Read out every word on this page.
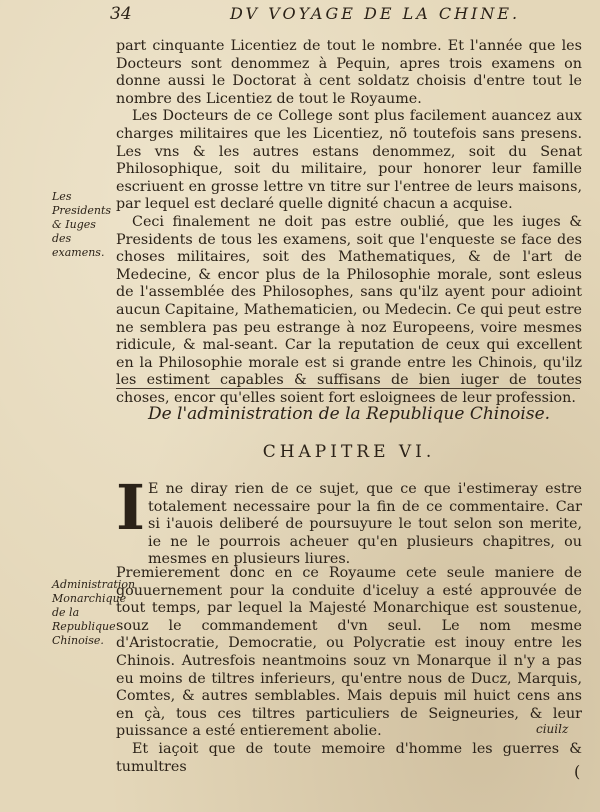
34	DV VOYAGE DE LA CHINE.

part cinquante Licentiez de tout le nombre. Et l'année que les Docteurs sont denommez à Pequin, apres trois examens on donne aussi le Doctorat à cent soldatz choisis d'entre tout le nombre des Licentiez de tout le Royaume.

Les Docteurs de ce College sont plus facilement auancez aux charges militaires que les Licentiez, nõ toutefois sans presens. Les vns & les autres estans denommez, soit du Senat Philosophique, soit du militaire, pour honorer leur famille escriuent en grosse lettre vn titre sur l'entree de leurs maisons, par lequel est declaré quelle dignité chacun a acquise.

Ceci finalement ne doit pas estre oublié, que les iuges & Presidents de tous les examens, soit que l'enqueste se face des choses militaires, soit des Mathematiques, & de l'art de Medecine, & encor plus de la Philosophie morale, sont esleus de l'assemblée des Philosophes, sans qu'ilz ayent pour adioint aucun Capitaine, Mathematicien, ou Medecin. Ce qui peut estre ne semblera pas peu estrange à noz Europeens, voire mesmes ridicule, & mal-seant. Car la reputation de ceux qui excellent en la Philosophie morale est si grande entre les Chinois, qu'ilz les estiment capables & suffisans de bien iuger de toutes choses, encor qu'elles soient fort esloignees de leur profession.

Les Presidents & Iuges des examens.
De l'administration de la Republique Chinoise.
CHAPITRE VI.
I E ne diray rien de ce sujet, que ce que i'estimeray estre totalement necessaire pour la fin de ce commentaire. Car si i'auois deliberé de poursuyure le tout selon son merite, ie ne le pourrois acheuer qu'en plusieurs chapitres, ou mesmes en plusieurs liures.

Premierement donc en ce Royaume cete seule maniere de gouuernement pour la conduite d'iceluy a esté approuvée de tout temps, par lequel la Majesté Monarchique est soustenue, souz le commandement d'vn seul. Le nom mesme d'Aristocratie, Democratie, ou Polycratie est inouy entre les Chinois. Autresfois neantmoins souz vn Monarque il n'y a pas eu moins de tiltres inferieurs, qu'entre nous de Ducz, Marquis, Comtes, & autres semblables. Mais depuis mil huict cens ans en çà, tous ces tiltres particuliers de Seigneuries, & leur puissance a esté entierement abolie.

Et iaçoit que de toute memoire d'homme les guerres & tumultres

Administration Monarchique de la Republique Chinoise.
ciuilz
(
